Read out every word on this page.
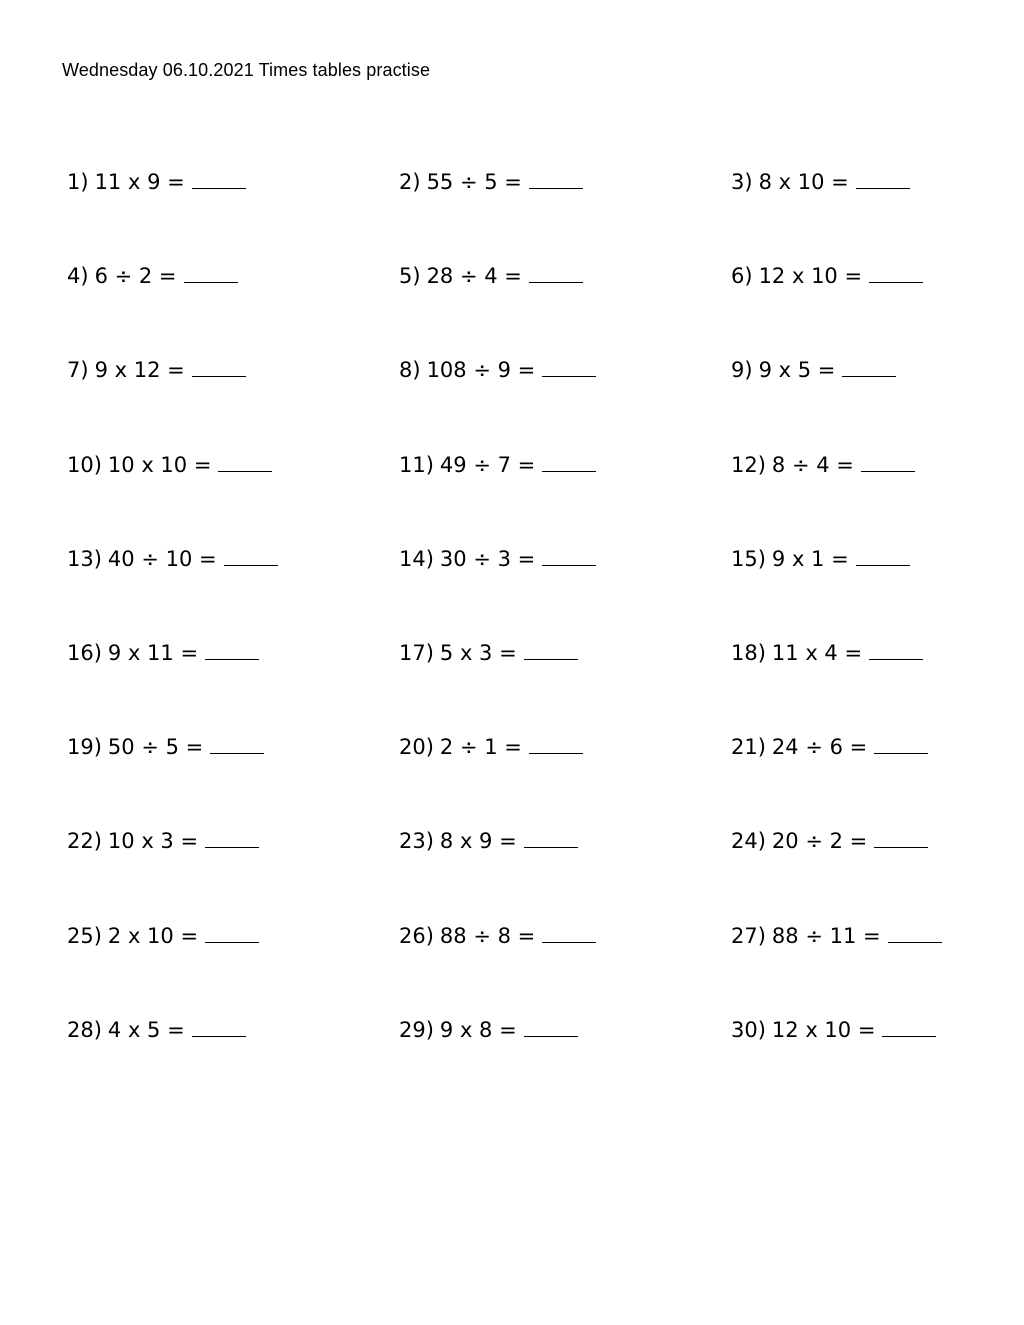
Wednesday 06.10.2021 Times tables practise
1) 11 x 9 =	2) 55 ÷ 5 =	3) 8 x 10 =
4) 6 ÷ 2 =	5) 28 ÷ 4 =	6) 12 x 10 =
7) 9 x 12 =	8) 108 ÷ 9 =	9) 9 x 5 =
10) 10 x 10 =	11) 49 ÷ 7 =	12) 8 ÷ 4 =
13) 40 ÷ 10 =	14) 30 ÷ 3 =	15) 9 x 1 =
16) 9 x 11 =	17) 5 x 3 =	18) 11 x 4 =
19) 50 ÷ 5 =	20) 2 ÷ 1 =	21) 24 ÷ 6 =
22) 10 x 3 =	23) 8 x 9 =	24) 20 ÷ 2 =
25) 2 x 10 =	26) 88 ÷ 8 =	27) 88 ÷ 11 =
28) 4 x 5 =	29) 9 x 8 =	30) 12 x 10 =
